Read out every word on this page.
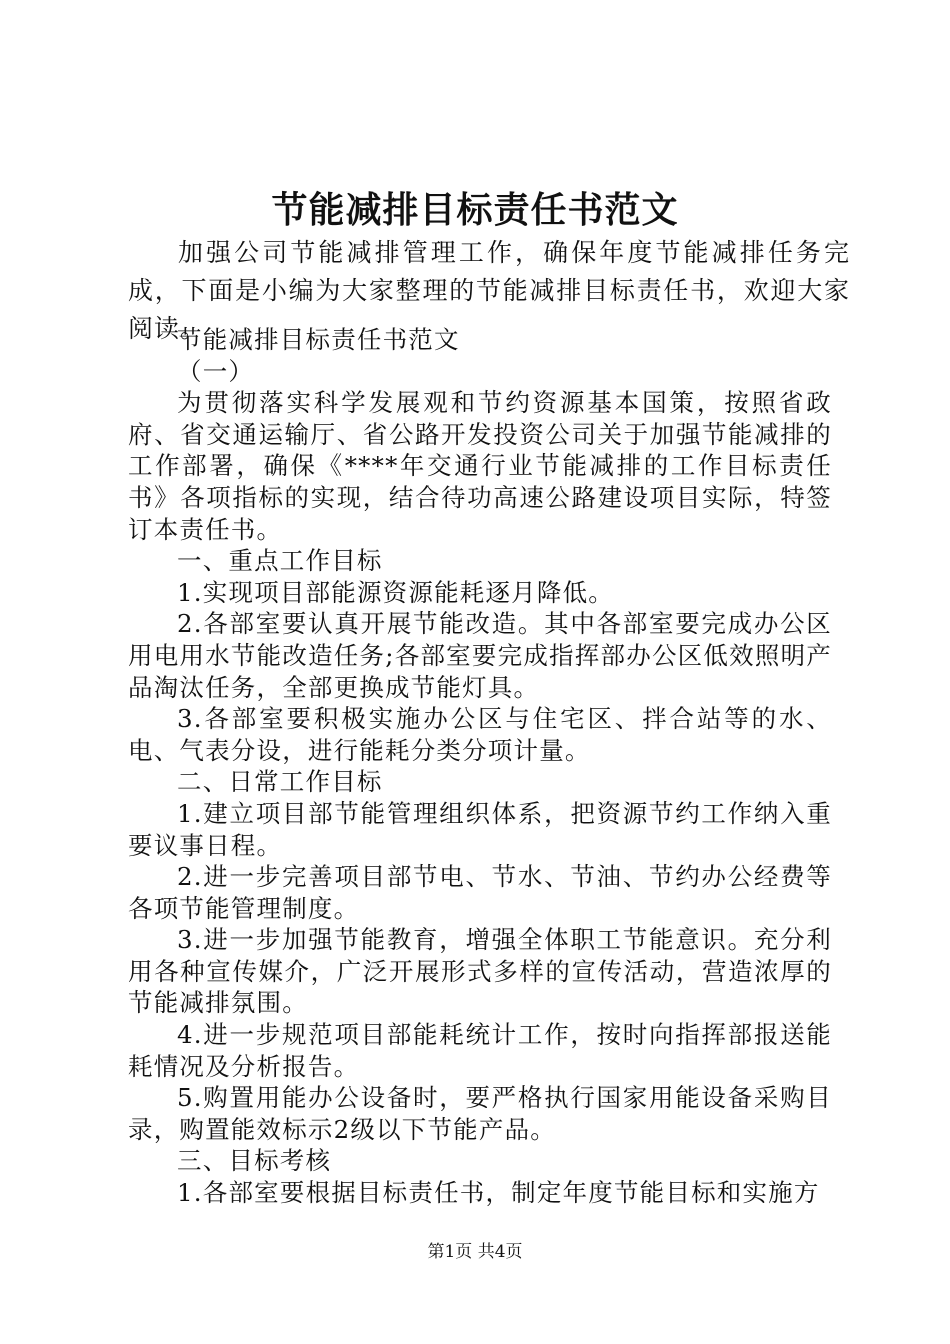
节能减排目标责任书范文

加强公司节能减排管理工作，确保年度节能减排任务完成，下面是小编为大家整理的节能减排目标责任书，欢迎大家阅读。

节能减排目标责任书范文

（一）

为贯彻落实科学发展观和节约资源基本国策，按照省政府、省交通运输厅、省公路开发投资公司关于加强节能减排的工作部署，确保《****年交通行业节能减排的工作目标责任书》各项指标的实现，结合待功高速公路建设项目实际，特签订本责任书。

一、重点工作目标

1.实现项目部能源资源能耗逐月降低。

2.各部室要认真开展节能改造。其中各部室要完成办公区用电用水节能改造任务;各部室要完成指挥部办公区低效照明产品淘汰任务，全部更换成节能灯具。

3.各部室要积极实施办公区与住宅区、拌合站等的水、电、气表分设，进行能耗分类分项计量。

二、日常工作目标

1.建立项目部节能管理组织体系，把资源节约工作纳入重要议事日程。

2.进一步完善项目部节电、节水、节油、节约办公经费等各项节能管理制度。

3.进一步加强节能教育，增强全体职工节能意识。充分利用各种宣传媒介，广泛开展形式多样的宣传活动，营造浓厚的节能减排氛围。

4.进一步规范项目部能耗统计工作，按时向指挥部报送能耗情况及分析报告。

5.购置用能办公设备时，要严格执行国家用能设备采购目录，购置能效标示2级以下节能产品。

三、目标考核

1.各部室要根据目标责任书，制定年度节能目标和实施方

第1页 共4页
